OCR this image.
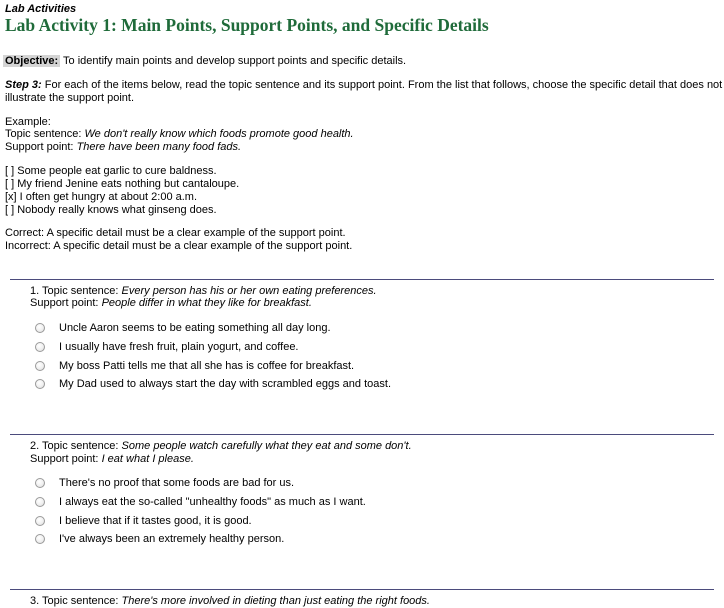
Lab Activities
Lab Activity 1: Main Points, Support Points, and Specific Details
Objective: To identify main points and develop support points and specific details.
Step 3: For each of the items below, read the topic sentence and its support point. From the list that follows, choose the specific detail that does not
illustrate the support point.
Example:
Topic sentence: We don't really know which foods promote good health.
Support point: There have been many food fads.
[ ] Some people eat garlic to cure baldness.
[ ] My friend Jenine eats nothing but cantaloupe.
[x] I often get hungry at about 2:00 a.m.
[ ] Nobody really knows what ginseng does.
Correct: A specific detail must be a clear example of the support point.
Incorrect: A specific detail must be a clear example of the support point.
1. Topic sentence: Every person has his or her own eating preferences.
Support point: People differ in what they like for breakfast.
Uncle Aaron seems to be eating something all day long.
I usually have fresh fruit, plain yogurt, and coffee.
My boss Patti tells me that all she has is coffee for breakfast.
My Dad used to always start the day with scrambled eggs and toast.
2. Topic sentence: Some people watch carefully what they eat and some don't.
Support point: I eat what I please.
There's no proof that some foods are bad for us.
I always eat the so-called "unhealthy foods" as much as I want.
I believe that if it tastes good, it is good.
I've always been an extremely healthy person.
3. Topic sentence: There's more involved in dieting than just eating the right foods.
